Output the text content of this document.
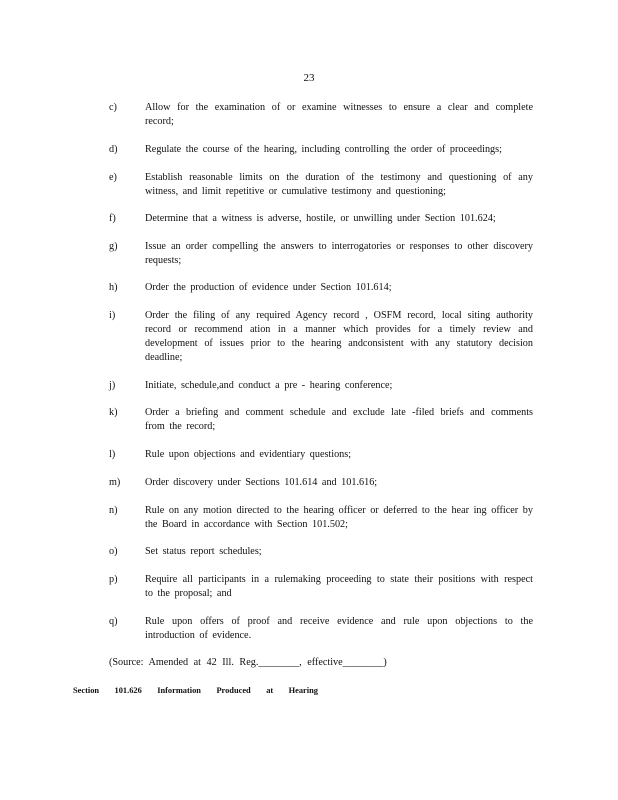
23
c)	Allow for the examination of or examine witnesses to ensure a clear and complete record;
d)	Regulate the course of the hearing, including controlling the order of proceedings;
e)	Establish reasonable limits on the duration of the testimony and questioning of any witness, and limit repetitive or cumulative testimony and questioning;
f)	Determine that a witness is adverse, hostile, or unwilling under Section 101.624;
g)	Issue an order compelling the answers to interrogatories or responses to other discovery requests;
h)	Order the production of evidence under Section 101.614;
i)	Order the filing of any required Agency record , OSFM record, local siting authority record or recommend ation in a manner which provides for a timely review and development of issues prior to the hearing andconsistent with any statutory decision deadline;
j)	Initiate, schedule,and conduct a pre - hearing conference;
k)	Order a briefing and comment schedule and exclude late -filed briefs and comments from the record;
l)	Rule upon objections and evidentiary questions;
m) Order discovery under Sections 101.614 and 101.616;
n)	Rule on any motion directed to the hearing officer or deferred to the hear ing officer by the Board in accordance with Section 101.502;
o)	Set status report schedules;
p)	Require all participants in a rulemaking proceeding to state their positions with respect to the proposal; and
q)	Rule upon offers of proof and receive evidence and rule upon objections to the introduction of evidence.
(Source: Amended at 42 Ill. Reg.________, effective________)
Section 101.626 Information Produced at Hearing
